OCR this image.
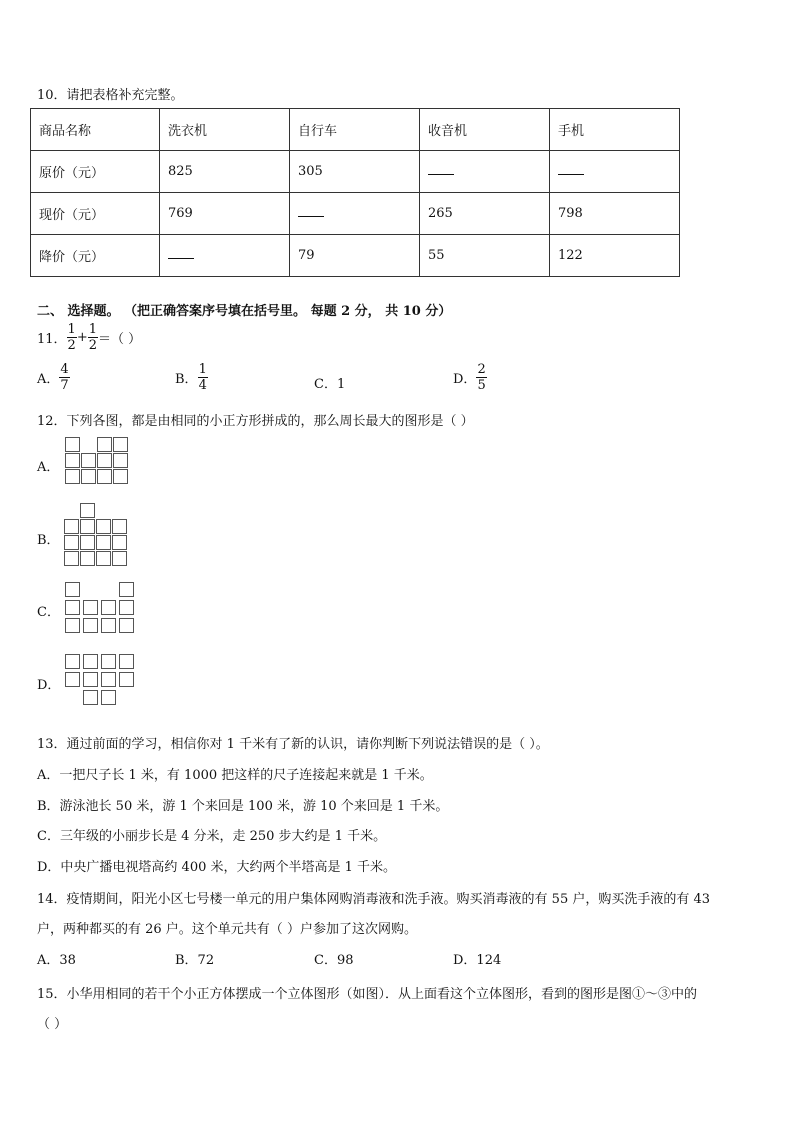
10．请把表格补充完整。
商品名称	洗衣机	自行车	收音机	手机
原价（元）	825	305		
现价（元）	769		265	798
降价（元）		79	55	122
二、 选择题。 （把正确答案序号填在括号里。 每题 2 分， 共 10 分）
11． $\frac{1}{2} + \frac{1}{2}$ ＝（ ）
A． $\frac{4}{7}$	B． $\frac{1}{4}$	C．1	D． $\frac{2}{5}$
12．下列各图，都是由相同的小正方形拼成的，那么周长最大的图形是（ ）
A．
B．
C．
D．
13．通过前面的学习，相信你对 1 千米有了新的认识，请你判断下列说法错误的是（ ）。
A．一把尺子长 1 米，有 1000 把这样的尺子连接起来就是 1 千米。
B．游泳池长 50 米，游 1 个来回是 100 米，游 10 个来回是 1 千米。
C．三年级的小丽步长是 4 分米，走 250 步大约是 1 千米。
D．中央广播电视塔高约 400 米，大约两个半塔高是 1 千米。
14．疫情期间，阳光小区七号楼一单元的用户集体网购消毒液和洗手液。购买消毒液的有 55 户，购买洗手液的有 43
户，两种都买的有 26 户。这个单元共有（ ）户参加了这次网购。
A．38	B．72	C．98	D．124
15．小华用相同的若干个小正方体摆成一个立体图形（如图）．从上面看这个立体图形，看到的图形是图①～③中的
（ ）
